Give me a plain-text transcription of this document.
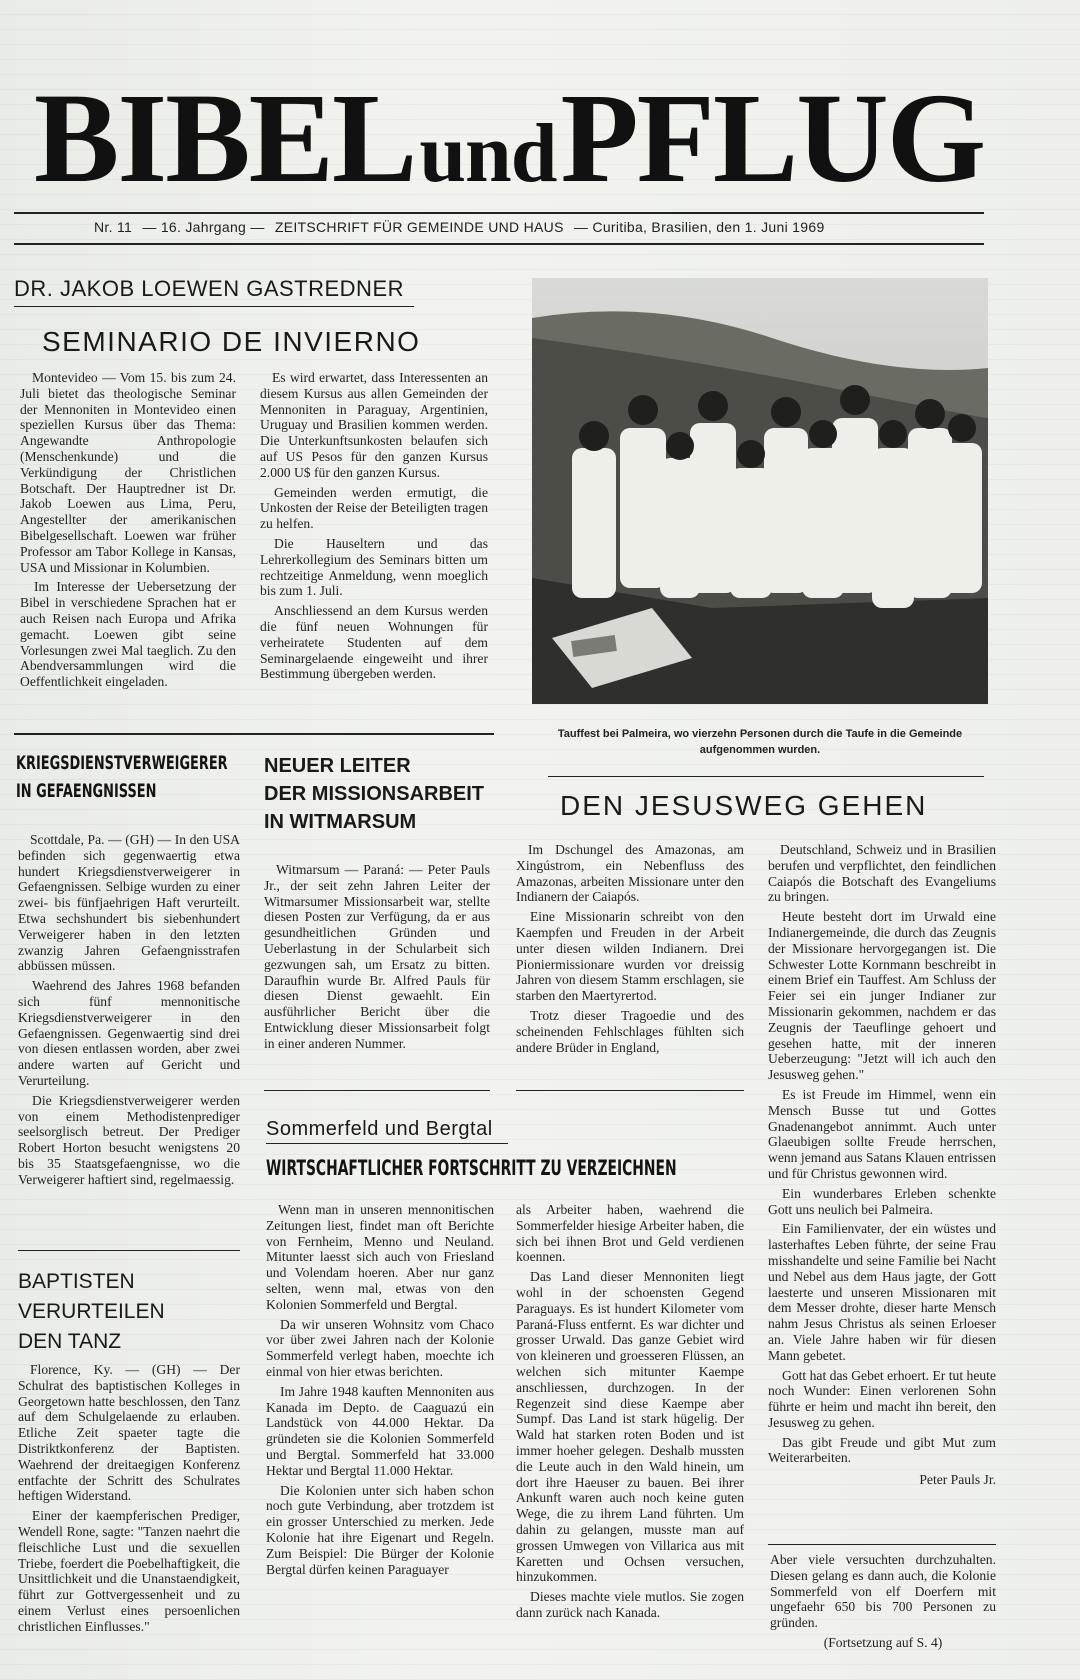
BIBEL und PFLUG
Nr. 11 — 16. Jahrgang — ZEITSCHRIFT FÜR GEMEINDE UND HAUS — Curitiba, Brasilien, den 1. Juni 1969
DR. JAKOB LOEWEN GASTREDNER
SEMINARIO DE INVIERNO

Montevideo — Vom 15. bis zum 24. Juli bietet das theologische Seminar der Mennoniten in Montevideo einen speziellen Kursus über das Thema: Angewandte Anthropologie (Menschenkunde) und die Verkündigung der Christlichen Botschaft. Der Hauptredner ist Dr. Jakob Loewen aus Lima, Peru, Angestellter der amerikanischen Bibelgesellschaft. Loewen war früher Professor am Tabor Kollege in Kansas, USA und Missionar in Kolumbien.

Im Interesse der Uebersetzung der Bibel in verschiedene Sprachen hat er auch Reisen nach Europa und Afrika gemacht. Loewen gibt seine Vorlesungen zwei Mal taeglich. Zu den Abendversammlungen wird die Oeffentlichkeit eingeladen.

Es wird erwartet, dass Interessenten an diesem Kursus aus allen Gemeinden der Mennoniten in Paraguay, Argentinien, Uruguay und Brasilien kommen werden. Die Unterkunftsunkosten belaufen sich auf US Pesos für den ganzen Kursus 2.000 U$ für den ganzen Kursus.

Gemeinden werden ermutigt, die Unkosten der Reise der Beteiligten tragen zu helfen.

Die Hauseltern und das Lehrerkollegium des Seminars bitten um rechtzeitige Anmeldung, wenn moeglich bis zum 1. Juli.

Anschliessend an dem Kursus werden die fünf neuen Wohnungen für verheiratete Studenten auf dem Seminargelaende eingeweiht und ihrer Bestimmung übergeben werden.

Tauffest bei Palmeira, wo vierzehn Personen durch die Taufe in die Gemeinde aufgenommen wurden.
KRIEGSDIENSTVERWEIGERER
IN GEFAENGNISSEN

Scottdale, Pa. — (GH) — In den USA befinden sich gegenwaertig etwa hundert Kriegsdienstverweigerer in Gefaengnissen. Selbige wurden zu einer zwei- bis fünfjaehrigen Haft verurteilt. Etwa sechshundert bis siebenhundert Verweigerer haben in den letzten zwanzig Jahren Gefaengnisstrafen abbüssen müssen.

Waehrend des Jahres 1968 befanden sich fünf mennonitische Kriegsdienstverweigerer in den Gefaengnissen. Gegenwaertig sind drei von diesen entlassen worden, aber zwei andere warten auf Gericht und Verurteilung.

Die Kriegsdienstverweigerer werden von einem Methodistenprediger seelsorglisch betreut. Der Prediger Robert Horton besucht wenigstens 20 bis 35 Staatsgefaengnisse, wo die Verweigerer haftiert sind, regelmaessig.

BAPTISTEN
VERURTEILEN
DEN TANZ

Florence, Ky. — (GH) — Der Schulrat des baptistischen Kolleges in Georgetown hatte beschlossen, den Tanz auf dem Schulgelaende zu erlauben. Etliche Zeit spaeter tagte die Distriktkonferenz der Baptisten. Waehrend der dreitaegigen Konferenz entfachte der Schritt des Schulrates heftigen Widerstand.

Einer der kaempferischen Prediger, Wendell Rone, sagte: "Tanzen naehrt die fleischliche Lust und die sexuellen Triebe, foerdert die Poebelhaftigkeit, die Unsittlichkeit und die Unanstaendigkeit, führt zur Gottvergessenheit und zu einem Verlust eines persoenlichen christlichen Einflusses."

NEUER LEITER
DER MISSIONSARBEIT
IN WITMARSUM

Witmarsum — Paraná: — Peter Pauls Jr., der seit zehn Jahren Leiter der Witmarsumer Missionsarbeit war, stellte diesen Posten zur Verfügung, da er aus gesundheitlichen Gründen und Ueberlastung in der Schularbeit sich gezwungen sah, um Ersatz zu bitten. Daraufhin wurde Br. Alfred Pauls für diesen Dienst gewaehlt. Ein ausführlicher Bericht über die Entwicklung dieser Missionsarbeit folgt in einer anderen Nummer.

DEN JESUSWEG GEHEN

Im Dschungel des Amazonas, am Xingústrom, ein Nebenfluss des Amazonas, arbeiten Missionare unter den Indianern der Caiapós.

Eine Missionarin schreibt von den Kaempfen und Freuden in der Arbeit unter diesen wilden Indianern. Drei Pioniermissionare wurden vor dreissig Jahren von diesem Stamm erschlagen, sie starben den Maertyrertod.

Trotz dieser Tragoedie und des scheinenden Fehlschlages fühlten sich andere Brüder in England,

Deutschland, Schweiz und in Brasilien berufen und verpflichtet, den feindlichen Caiapós die Botschaft des Evangeliums zu bringen.

Heute besteht dort im Urwald eine Indianergemeinde, die durch das Zeugnis der Missionare hervorgegangen ist. Die Schwester Lotte Kornmann beschreibt in einem Brief ein Tauffest. Am Schluss der Feier sei ein junger Indianer zur Missionarin gekommen, nachdem er das Zeugnis der Taeuflinge gehoert und gesehen hatte, mit der inneren Ueberzeugung: "Jetzt will ich auch den Jesusweg gehen."

Es ist Freude im Himmel, wenn ein Mensch Busse tut und Gottes Gnadenangebot annimmt. Auch unter Glaeubigen sollte Freude herrschen, wenn jemand aus Satans Klauen entrissen und für Christus gewonnen wird.

Ein wunderbares Erleben schenkte Gott uns neulich bei Palmeira.

Ein Familienvater, der ein wüstes und lasterhaftes Leben führte, der seine Frau misshandelte und seine Familie bei Nacht und Nebel aus dem Haus jagte, der Gott laesterte und unseren Missionaren mit dem Messer drohte, dieser harte Mensch nahm Jesus Christus als seinen Erloeser an. Viele Jahre haben wir für diesen Mann gebetet.

Gott hat das Gebet erhoert. Er tut heute noch Wunder: Einen verlorenen Sohn führte er heim und macht ihn bereit, den Jesusweg zu gehen.

Das gibt Freude und gibt Mut zum Weiterarbeiten.

Peter Pauls Jr.
Sommerfeld und Bergtal
WIRTSCHAFTLICHER FORTSCHRITT ZU VERZEICHNEN

Wenn man in unseren mennonitischen Zeitungen liest, findet man oft Berichte von Fernheim, Menno und Neuland. Mitunter laesst sich auch von Friesland und Volendam hoeren. Aber nur ganz selten, wenn mal, etwas von den Kolonien Sommerfeld und Bergtal.

Da wir unseren Wohnsitz vom Chaco vor über zwei Jahren nach der Kolonie Sommerfeld verlegt haben, moechte ich einmal von hier etwas berichten.

Im Jahre 1948 kauften Mennoniten aus Kanada im Depto. de Caaguazú ein Landstück von 44.000 Hektar. Da gründeten sie die Kolonien Sommerfeld und Bergtal. Sommerfeld hat 33.000 Hektar und Bergtal 11.000 Hektar.

Die Kolonien unter sich haben schon noch gute Verbindung, aber trotzdem ist ein grosser Unterschied zu merken. Jede Kolonie hat ihre Eigenart und Regeln. Zum Beispiel: Die Bürger der Kolonie Bergtal dürfen keinen Paraguayer

als Arbeiter haben, waehrend die Sommerfelder hiesige Arbeiter haben, die sich bei ihnen Brot und Geld verdienen koennen.

Das Land dieser Mennoniten liegt wohl in der schoensten Gegend Paraguays. Es ist hundert Kilometer vom Paraná-Fluss entfernt. Es war dichter und grosser Urwald. Das ganze Gebiet wird von kleineren und groesseren Flüssen, an welchen sich mitunter Kaempe anschliessen, durchzogen. In der Regenzeit sind diese Kaempe aber Sumpf. Das Land ist stark hügelig. Der Wald hat starken roten Boden und ist immer hoeher gelegen. Deshalb mussten die Leute auch in den Wald hinein, um dort ihre Haeuser zu bauen. Bei ihrer Ankunft waren auch noch keine guten Wege, die zu ihrem Land führten. Um dahin zu gelangen, musste man auf grossen Umwegen von Villarica aus mit Karetten und Ochsen versuchen, hinzukommen.

Dieses machte viele mutlos. Sie zogen dann zurück nach Kanada.

Aber viele versuchten durchzuhalten. Diesen gelang es dann auch, die Kolonie Sommerfeld von elf Doerfern mit ungefaehr 650 bis 700 Personen zu gründen.

(Fortsetzung auf S. 4)
